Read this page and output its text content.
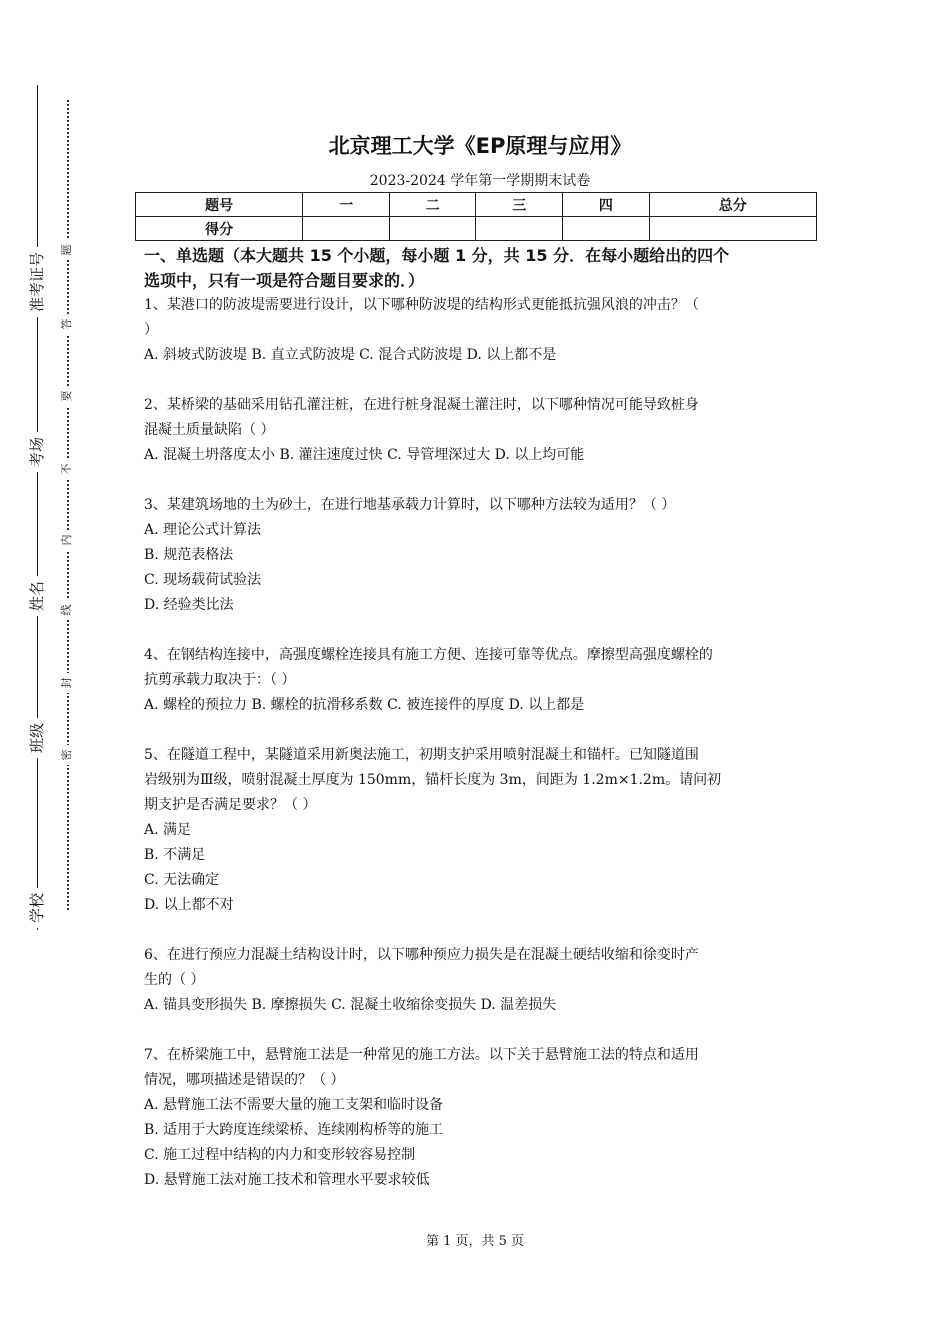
准考证号
考场
姓名
班级
学校
题
答
要
不
内
线
封
密
北京理工大学《EP原理与应用》
2023-2024 学年第一学期期末试卷
题号	一	二	三	四	总分
得分					
一、单选题（本大题共 15 个小题，每小题 1 分，共 15 分．在每小题给出的四个
选项中，只有一项是符合题目要求的．）

1、某港口的防波堤需要进行设计，以下哪种防波堤的结构形式更能抵抗强风浪的冲击？（

）

A. 斜坡式防波堤 B. 直立式防波堤 C. 混合式防波堤 D. 以上都不是

2、某桥梁的基础采用钻孔灌注桩，在进行桩身混凝土灌注时，以下哪种情况可能导致桩身

混凝土质量缺陷（ ）

A. 混凝土坍落度太小 B. 灌注速度过快 C. 导管埋深过大 D. 以上均可能

3、某建筑场地的土为砂土，在进行地基承载力计算时，以下哪种方法较为适用？（ ）

A. 理论公式计算法

B. 规范表格法

C. 现场载荷试验法

D. 经验类比法

4、在钢结构连接中，高强度螺栓连接具有施工方便、连接可靠等优点。摩擦型高强度螺栓的

抗剪承载力取决于：（ ）

A. 螺栓的预拉力 B. 螺栓的抗滑移系数 C. 被连接件的厚度 D. 以上都是

5、在隧道工程中，某隧道采用新奥法施工，初期支护采用喷射混凝土和锚杆。已知隧道围

岩级别为Ⅲ级，喷射混凝土厚度为 150mm，锚杆长度为 3m，间距为 1.2m×1.2m。请问初

期支护是否满足要求？（ ）

A. 满足

B. 不满足

C. 无法确定

D. 以上都不对

6、在进行预应力混凝土结构设计时，以下哪种预应力损失是在混凝土硬结收缩和徐变时产

生的（ ）

A. 锚具变形损失 B. 摩擦损失 C. 混凝土收缩徐变损失 D. 温差损失

7、在桥梁施工中，悬臂施工法是一种常见的施工方法。以下关于悬臂施工法的特点和适用

情况，哪项描述是错误的？（ ）

A. 悬臂施工法不需要大量的施工支架和临时设备

B. 适用于大跨度连续梁桥、连续刚构桥等的施工

C. 施工过程中结构的内力和变形较容易控制

D. 悬臂施工法对施工技术和管理水平要求较低

第 1 页，共 5 页
